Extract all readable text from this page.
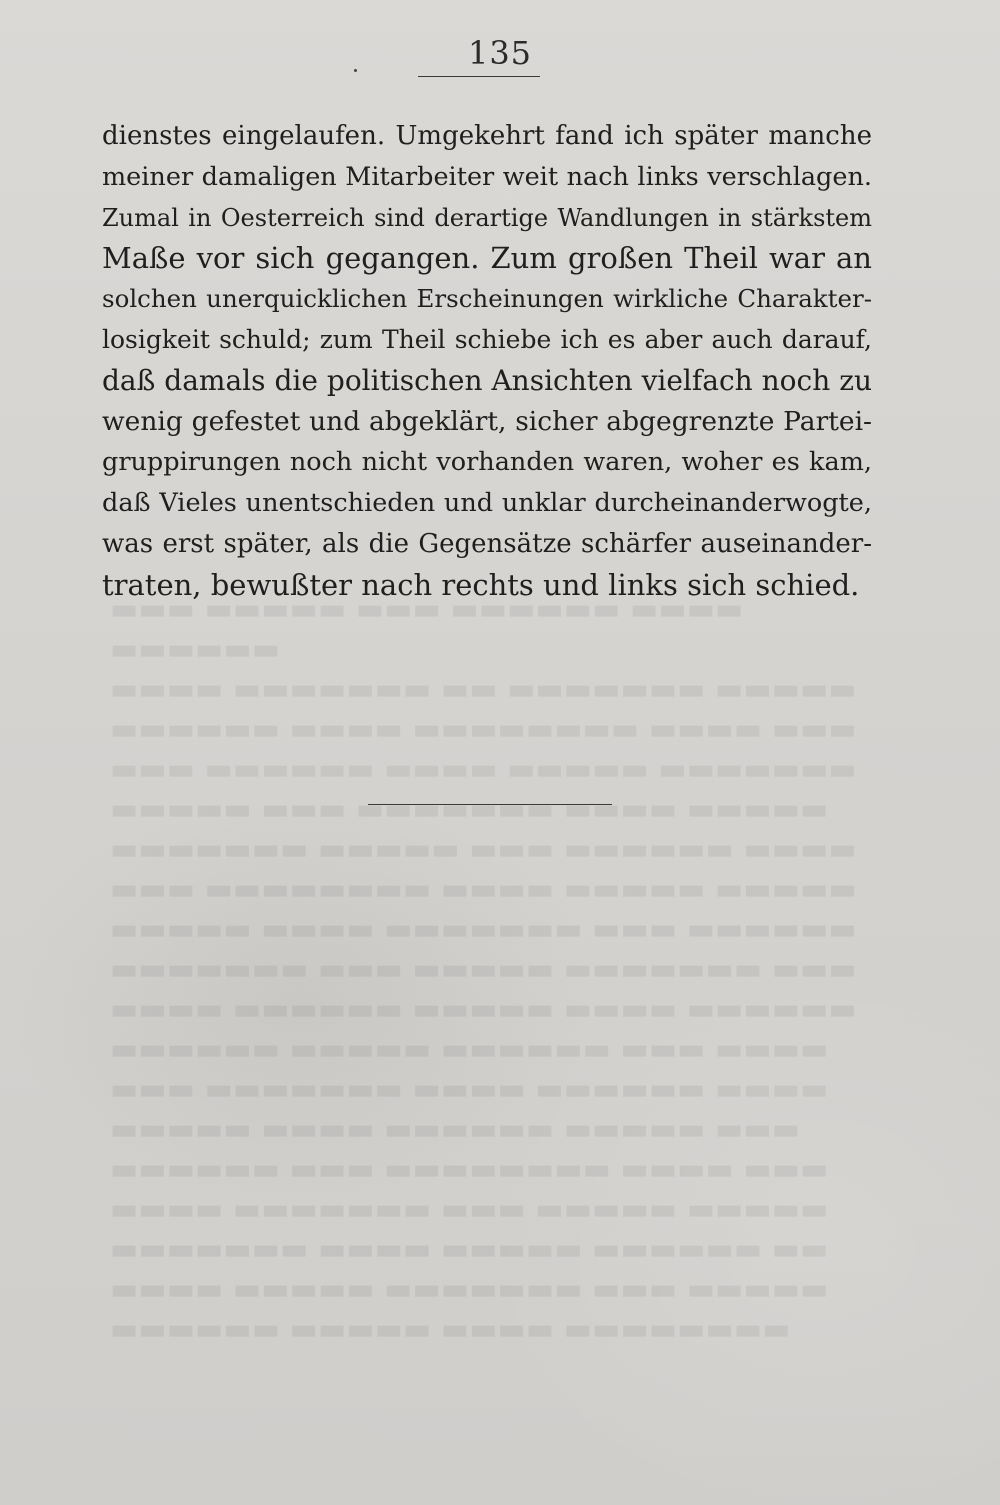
▬▬▬ ▬▬▬▬▬ ▬▬▬ ▬▬▬▬▬▬ ▬▬▬▬ ▬▬▬▬▬▬
▬▬▬▬ ▬▬▬▬▬▬▬ ▬▬ ▬▬▬▬▬▬▬ ▬▬▬▬▬
▬▬▬▬▬▬ ▬▬▬▬ ▬▬▬▬▬▬▬▬ ▬▬▬▬ ▬▬▬
▬▬▬ ▬▬▬▬▬▬ ▬▬▬▬ ▬▬▬▬▬ ▬▬▬▬▬▬▬
▬▬▬▬▬ ▬▬▬ ▬▬▬▬▬▬▬ ▬▬▬▬ ▬▬▬▬▬
▬▬▬▬▬▬▬ ▬▬▬▬▬ ▬▬▬ ▬▬▬▬▬▬ ▬▬▬▬
▬▬▬ ▬▬▬▬▬▬▬▬ ▬▬▬▬ ▬▬▬▬▬ ▬▬▬▬▬
▬▬▬▬▬ ▬▬▬▬ ▬▬▬▬▬▬▬ ▬▬▬ ▬▬▬▬▬▬
▬▬▬▬▬▬▬ ▬▬▬ ▬▬▬▬▬ ▬▬▬▬▬▬▬ ▬▬▬
▬▬▬▬ ▬▬▬▬▬▬ ▬▬▬▬▬ ▬▬▬▬ ▬▬▬▬▬▬
▬▬▬▬▬▬ ▬▬▬▬▬ ▬▬▬▬▬▬ ▬▬▬ ▬▬▬▬
▬▬▬ ▬▬▬▬▬▬▬ ▬▬▬▬ ▬▬▬▬▬▬ ▬▬▬▬
▬▬▬▬▬ ▬▬▬▬ ▬▬▬▬▬▬ ▬▬▬▬▬ ▬▬▬
▬▬▬▬▬▬ ▬▬▬ ▬▬▬▬▬▬▬▬ ▬▬▬▬ ▬▬▬
▬▬▬▬ ▬▬▬▬▬▬▬ ▬▬▬ ▬▬▬▬▬ ▬▬▬▬▬
▬▬▬▬▬▬▬ ▬▬▬▬ ▬▬▬▬▬ ▬▬▬▬▬▬ ▬▬
▬▬▬▬ ▬▬▬▬▬ ▬▬▬▬▬▬▬ ▬▬▬ ▬▬▬▬▬
▬▬▬▬▬▬ ▬▬▬▬▬ ▬▬▬▬ ▬▬▬▬▬▬▬▬
135
dienstes eingelaufen. Umgekehrt fand ich später manche
meiner damaligen Mitarbeiter weit nach links verschlagen.
Zumal in Oesterreich sind derartige Wandlungen in stärkstem
Maße vor sich gegangen. Zum großen Theil war an
solchen unerquicklichen Erscheinungen wirkliche Charakter-
losigkeit schuld; zum Theil schiebe ich es aber auch darauf,
daß damals die politischen Ansichten vielfach noch zu
wenig gefestet und abgeklärt, sicher abgegrenzte Partei-
gruppirungen noch nicht vorhanden waren, woher es kam,
daß Vieles unentschieden und unklar durcheinanderwogte,
was erst später, als die Gegensätze schärfer auseinander-
traten, bewußter nach rechts und links sich schied.
